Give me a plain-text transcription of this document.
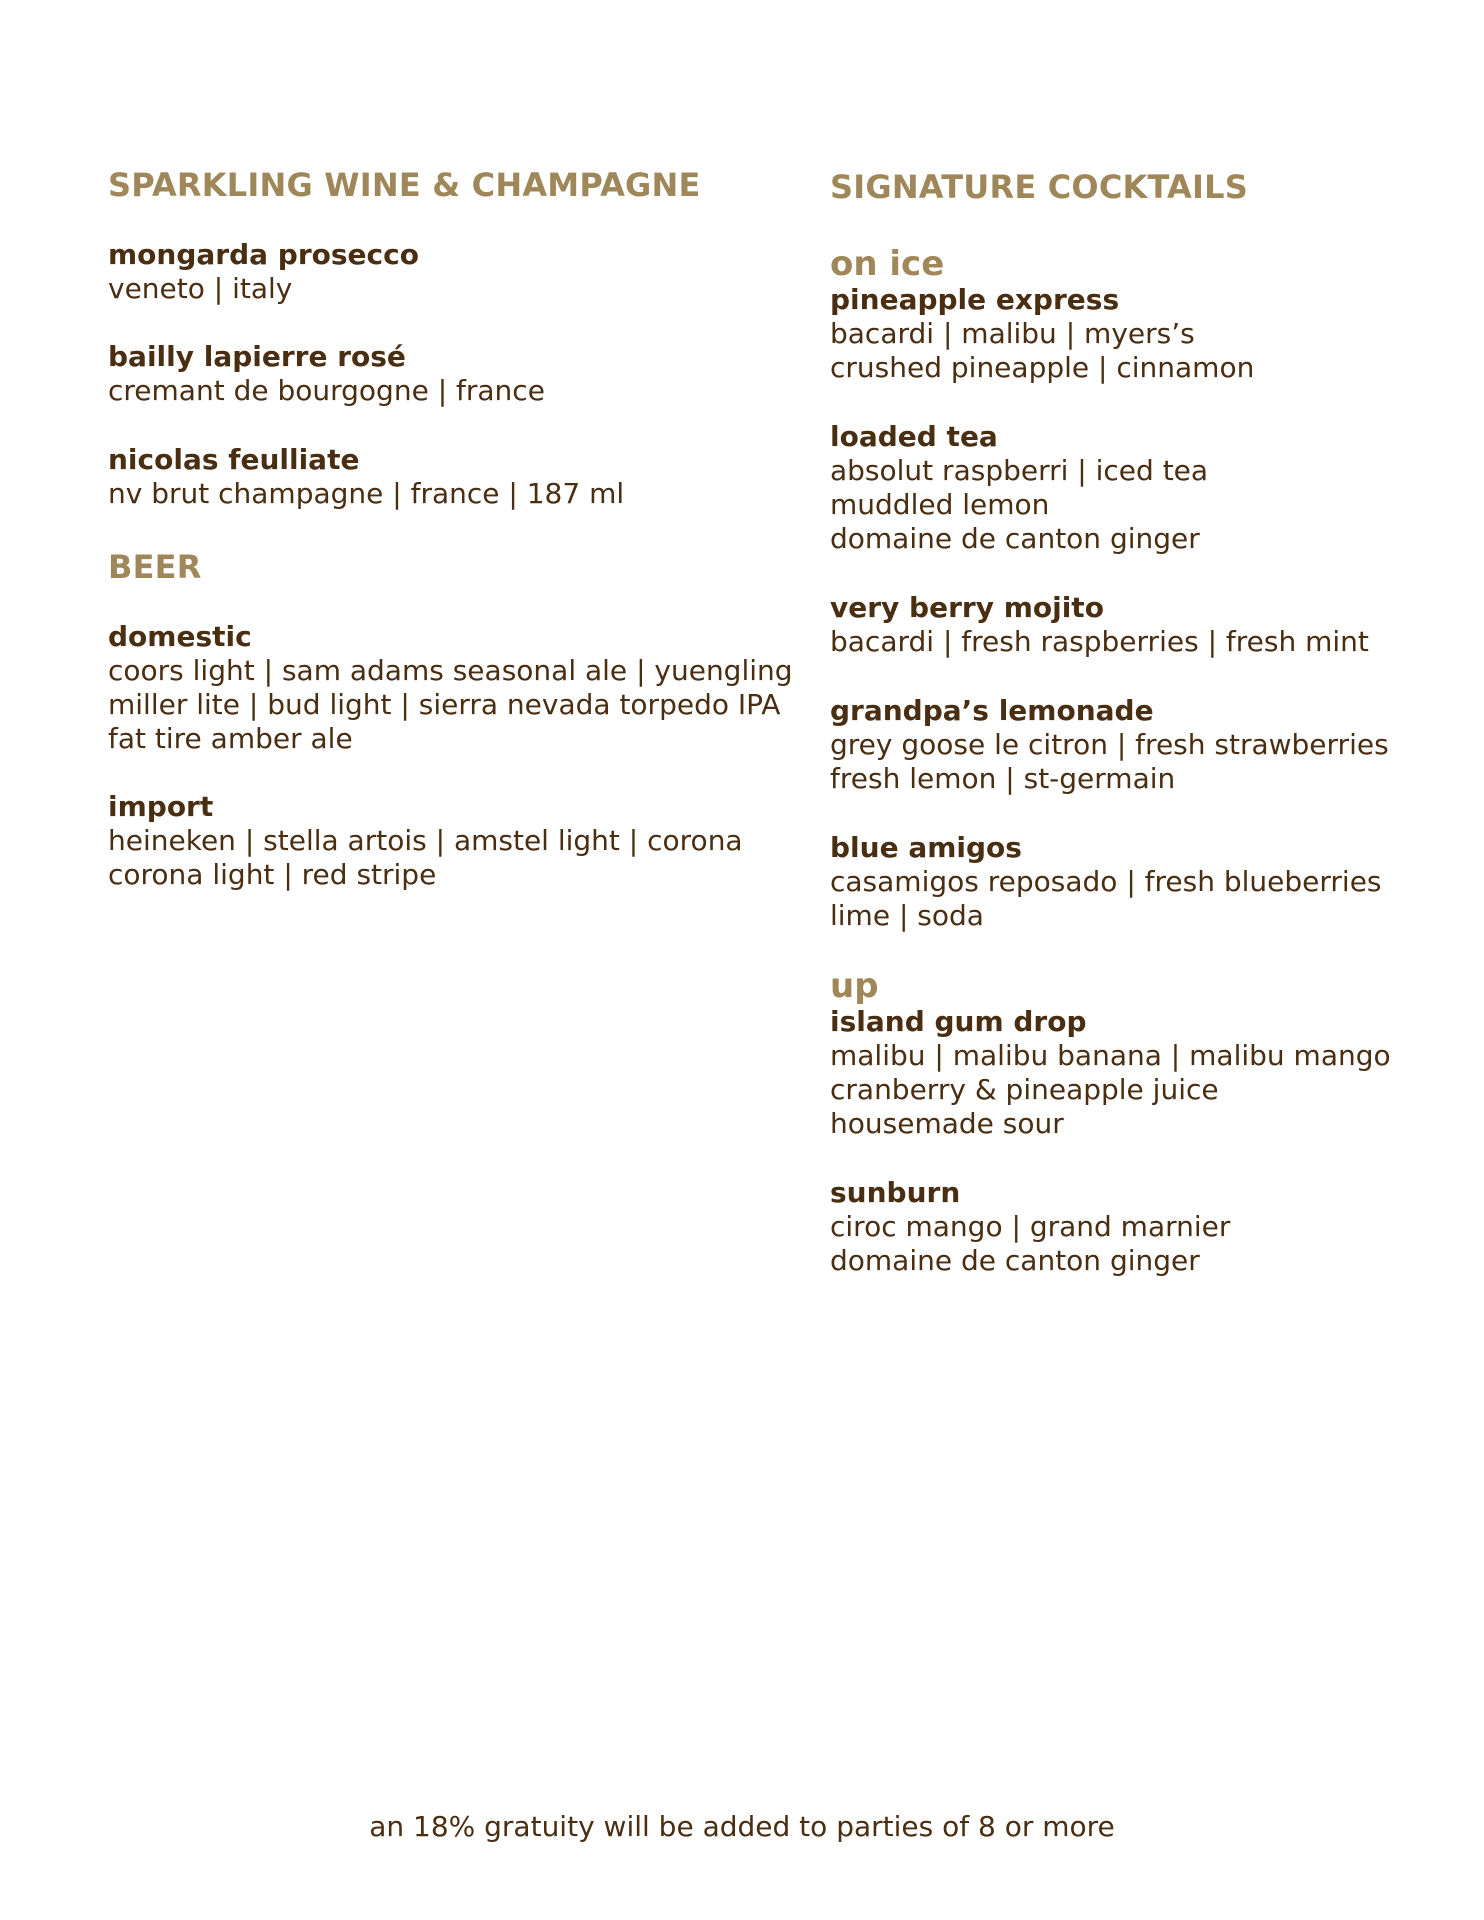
SPARKLING WINE & CHAMPAGNE
mongarda prosecco
veneto | italy
bailly lapierre rosé
cremant de bourgogne | france
nicolas feulliate
nv brut champagne | france | 187 ml
BEER
domestic
coors light | sam adams seasonal ale | yuengling
miller lite | bud light | sierra nevada torpedo IPA
fat tire amber ale
import
heineken | stella artois | amstel light | corona
corona light | red stripe
SIGNATURE COCKTAILS
on ice
pineapple express
bacardi | malibu | myers’s
crushed pineapple | cinnamon
loaded tea
absolut raspberri | iced tea
muddled lemon
domaine de canton ginger
very berry mojito
bacardi | fresh raspberries | fresh mint
grandpa’s lemonade
grey goose le citron | fresh strawberries
fresh lemon | st-germain
blue amigos
casamigos reposado | fresh blueberries
lime | soda
up
island gum drop
malibu | malibu banana | malibu mango
cranberry & pineapple juice
housemade sour
sunburn
ciroc mango | grand marnier
domaine de canton ginger
an 18% gratuity will be added to parties of 8 or more
